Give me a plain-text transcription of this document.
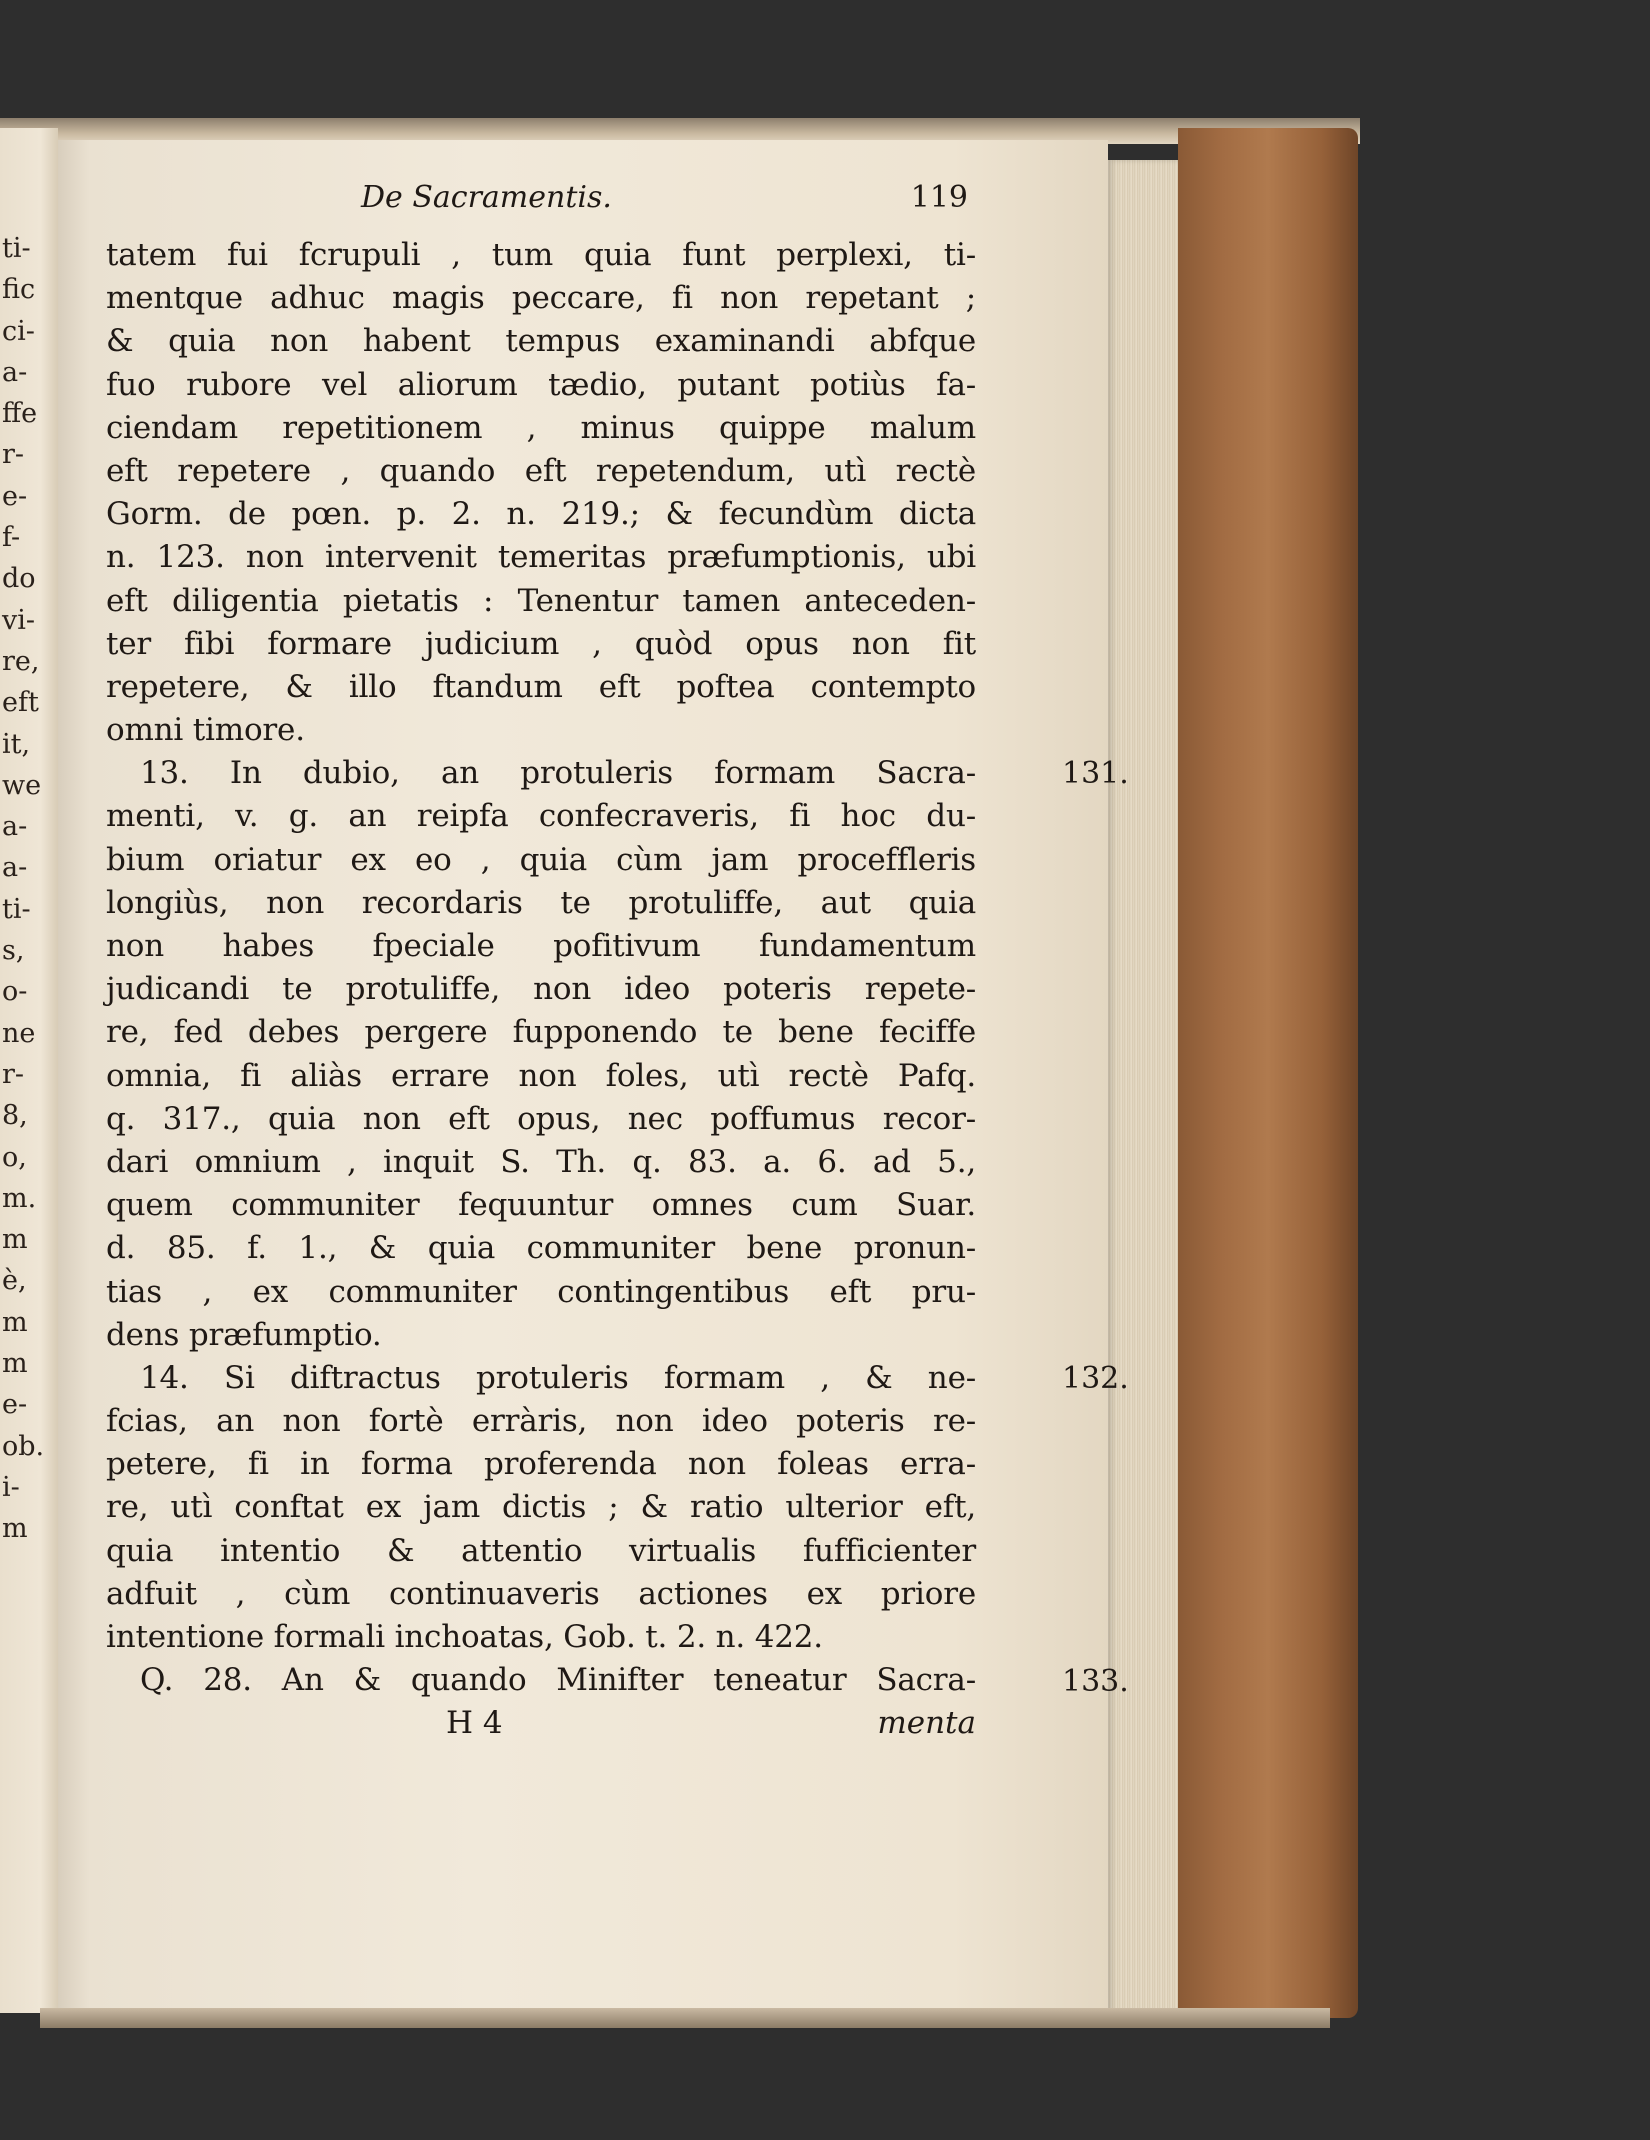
ti-
fic
ci-
a-
ffe
r-
e-
f-
do
vi-
re,
eft
it,
we
a-
a-
ti-
s,
o-
ne
r-
8,
o,
m.
m
è,
m
m
e-
ob.
i-
m
De Sacramentis.	119
tatem fui fcrupuli , tum quia funt perplexi, ti-
mentque adhuc magis peccare, fi non repetant ;
& quia non habent tempus examinandi abfque
fuo rubore vel aliorum tædio, putant potiùs fa-
ciendam repetitionem , minus quippe malum
eft repetere , quando eft repetendum, utì rectè
Gorm. de pœn. p. 2. n. 219.; & fecundùm dicta
n. 123. non intervenit temeritas præfumptionis, ubi
eft diligentia pietatis : Tenentur tamen anteceden-
ter fibi formare judicium , quòd opus non fit
repetere, & illo ftandum eft poftea contempto
omni timore.
13. In dubio, an protuleris formam Sacra-
menti, v. g. an reipfa confecraveris, fi hoc du-
bium oriatur ex eo , quia cùm jam proceffleris
longiùs, non recordaris te protuliffe, aut quia
non habes fpeciale pofitivum fundamentum
judicandi te protuliffe, non ideo poteris repete-
re, fed debes pergere fupponendo te bene feciffe
omnia, fi aliàs errare non foles, utì rectè Pafq.
q. 317., quia non eft opus, nec poffumus recor-
dari omnium , inquit S. Th. q. 83. a. 6. ad 5.,
quem communiter fequuntur omnes cum Suar.
d. 85. f. 1., & quia communiter bene pronun-
tias , ex communiter contingentibus eft pru-
dens præfumptio.
14. Si diftractus protuleris formam , & ne-
fcias, an non fortè erràris, non ideo poteris re-
petere, fi in forma proferenda non foleas erra-
re, utì conftat ex jam dictis ; & ratio ulterior eft,
quia intentio & attentio virtualis fufficienter
adfuit , cùm continuaveris actiones ex priore
intentione formali inchoatas, Gob. t. 2. n. 422.
Q. 28. An & quando Minifter teneatur Sacra-
H 4	menta
131.
132.
133.
